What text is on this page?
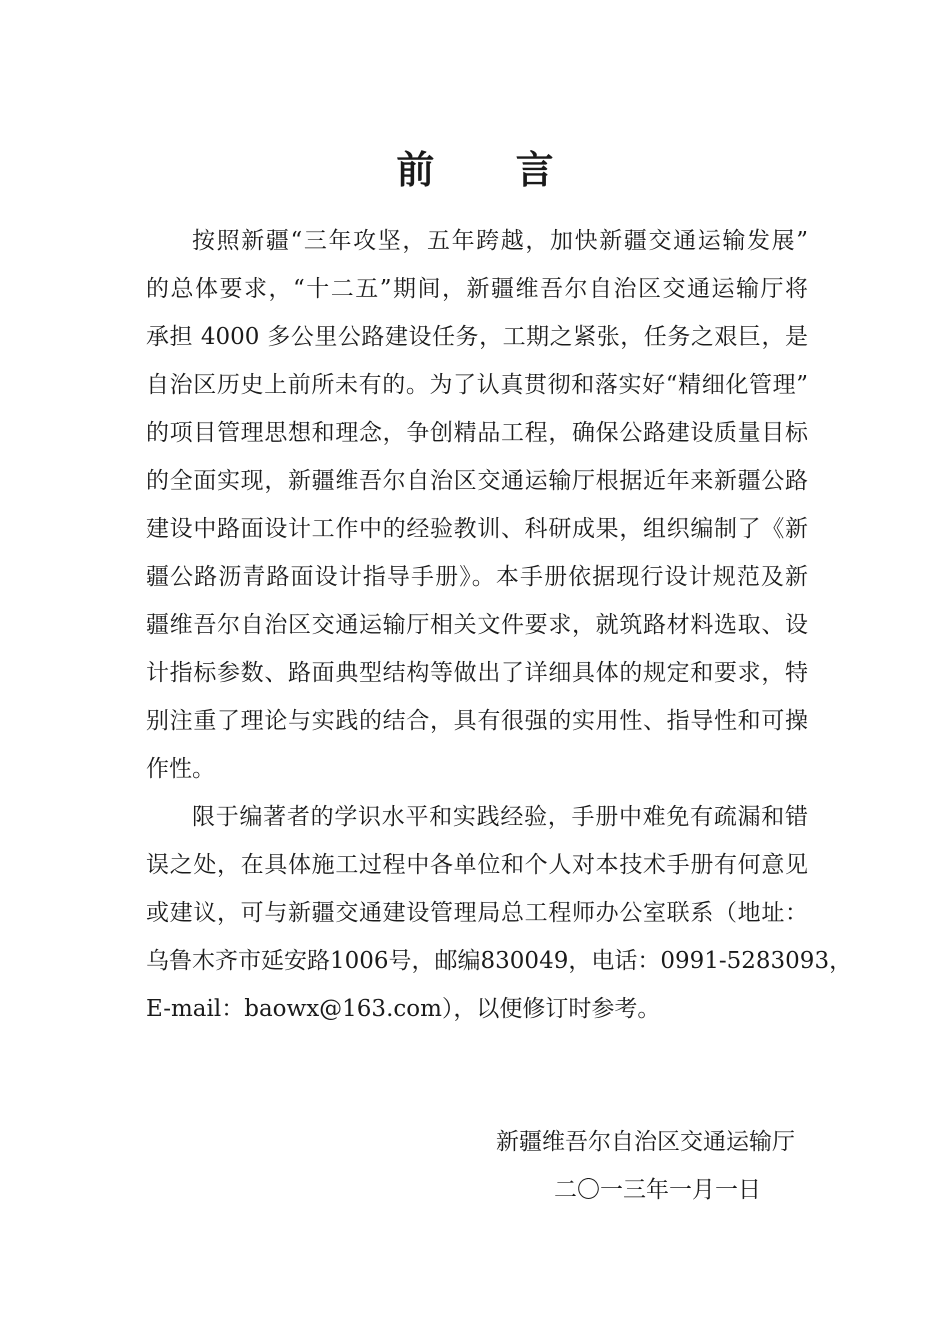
前 言
按照新疆“三年攻坚，五年跨越，加快新疆交通运输发展”
的总体要求，“十二五”期间，新疆维吾尔自治区交通运输厅将
承担 4000 多公里公路建设任务，工期之紧张，任务之艰巨，是
自治区历史上前所未有的。为了认真贯彻和落实好“精细化管理”
的项目管理思想和理念，争创精品工程，确保公路建设质量目标
的全面实现，新疆维吾尔自治区交通运输厅根据近年来新疆公路
建设中路面设计工作中的经验教训、科研成果，组织编制了《新
疆公路沥青路面设计指导手册》。本手册依据现行设计规范及新
疆维吾尔自治区交通运输厅相关文件要求，就筑路材料选取、设
计指标参数、路面典型结构等做出了详细具体的规定和要求，特
别注重了理论与实践的结合，具有很强的实用性、指导性和可操
作性。
限于编著者的学识水平和实践经验，手册中难免有疏漏和错
误之处，在具体施工过程中各单位和个人对本技术手册有何意见
或建议，可与新疆交通建设管理局总工程师办公室联系（地址：
乌鲁木齐市延安路1006号，邮编830049，电话：0991-5283093，
E-mail：baowx@163.com），以便修订时参考。
新疆维吾尔自治区交通运输厅
二〇一三年一月一日
